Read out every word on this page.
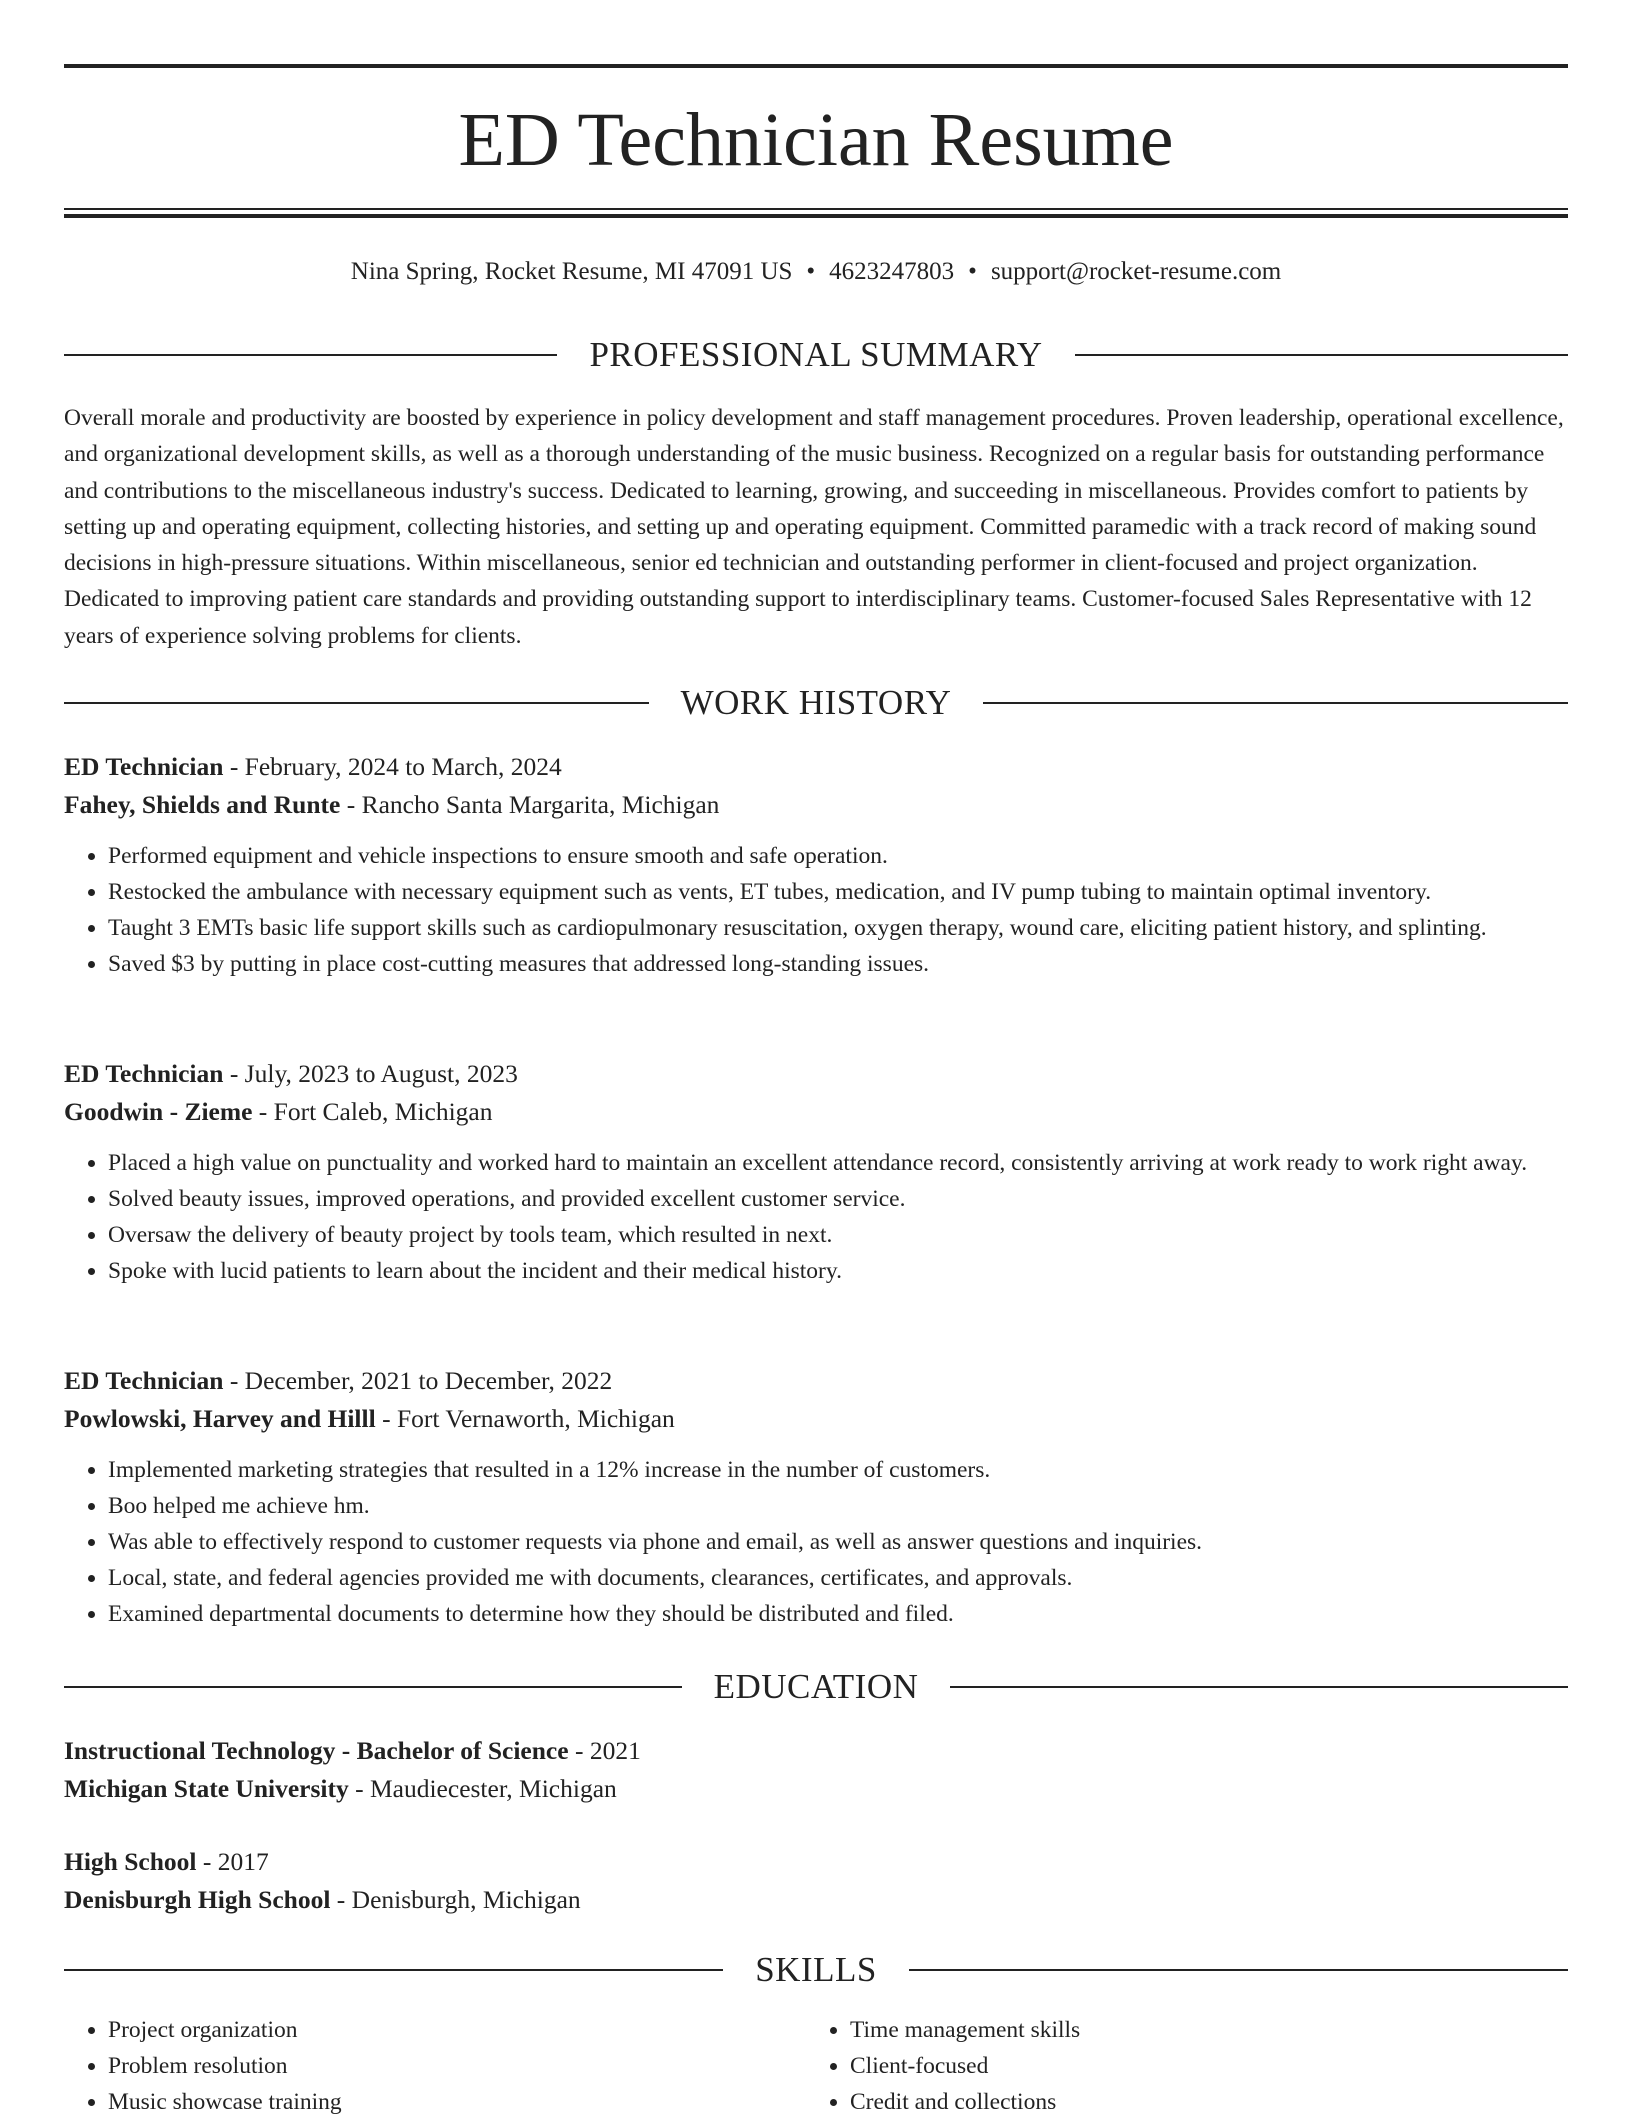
ED Technician Resume
Nina Spring, Rocket Resume, MI 47091 US • 4623247803 • support@rocket-resume.com
PROFESSIONAL SUMMARY

Overall morale and productivity are boosted by experience in policy development and staff management procedures. Proven leadership, operational excellence, and organizational development skills, as well as a thorough understanding of the music business. Recognized on a regular basis for outstanding performance and contributions to the miscellaneous industry's success. Dedicated to learning, growing, and succeeding in miscellaneous. Provides comfort to patients by setting up and operating equipment, collecting histories, and setting up and operating equipment. Committed paramedic with a track record of making sound decisions in high-pressure situations. Within miscellaneous, senior ed technician and outstanding performer in client-focused and project organization. Dedicated to improving patient care standards and providing outstanding support to interdisciplinary teams. Customer-focused Sales Representative with 12 years of experience solving problems for clients.

WORK HISTORY
ED Technician - February, 2024 to March, 2024
Fahey, Shields and Runte - Rancho Santa Margarita, Michigan
• Performed equipment and vehicle inspections to ensure smooth and safe operation.
• Restocked the ambulance with necessary equipment such as vents, ET tubes, medication, and IV pump tubing to maintain optimal inventory.
• Taught 3 EMTs basic life support skills such as cardiopulmonary resuscitation, oxygen therapy, wound care, eliciting patient history, and splinting.
• Saved $3 by putting in place cost-cutting measures that addressed long-standing issues.
ED Technician - July, 2023 to August, 2023
Goodwin - Zieme - Fort Caleb, Michigan
• Placed a high value on punctuality and worked hard to maintain an excellent attendance record, consistently arriving at work ready to work right away.
• Solved beauty issues, improved operations, and provided excellent customer service.
• Oversaw the delivery of beauty project by tools team, which resulted in next.
• Spoke with lucid patients to learn about the incident and their medical history.
ED Technician - December, 2021 to December, 2022
Powlowski, Harvey and Hilll - Fort Vernaworth, Michigan
• Implemented marketing strategies that resulted in a 12% increase in the number of customers.
• Boo helped me achieve hm.
• Was able to effectively respond to customer requests via phone and email, as well as answer questions and inquiries.
• Local, state, and federal agencies provided me with documents, clearances, certificates, and approvals.
• Examined departmental documents to determine how they should be distributed and filed.
EDUCATION
Instructional Technology - Bachelor of Science - 2021
Michigan State University - Maudiecester, Michigan
High School - 2017
Denisburgh High School - Denisburgh, Michigan
SKILLS
• Project organization
• Problem resolution
• Music showcase training
• Time management skills
• Client-focused
• Credit and collections
